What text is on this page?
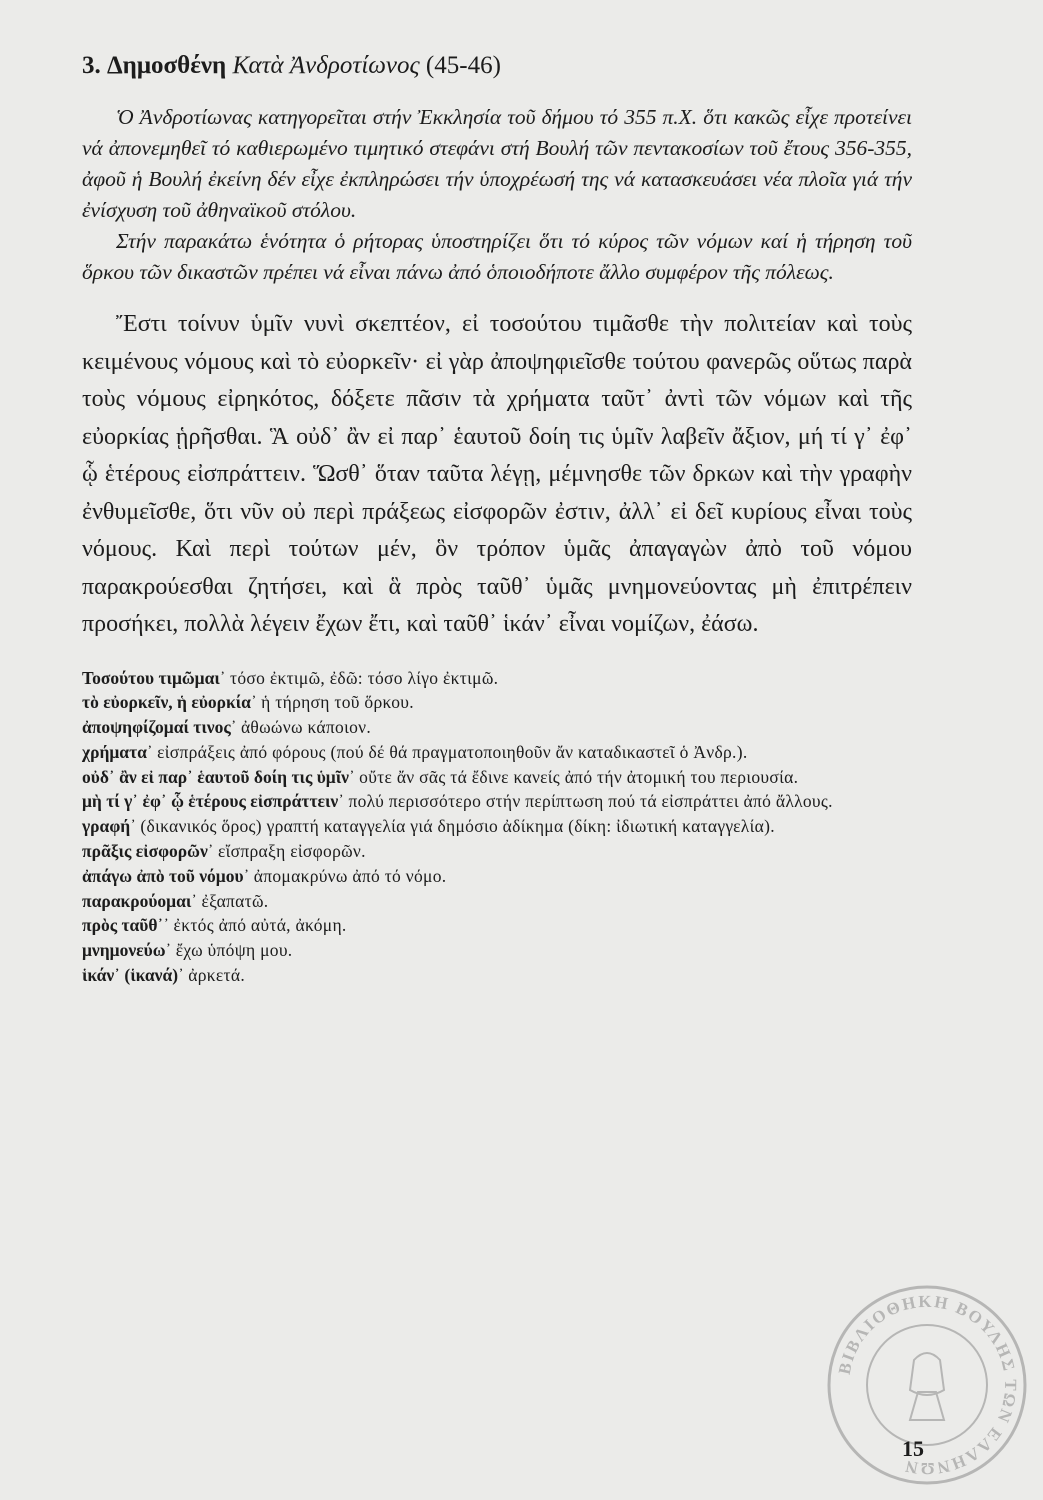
3. Δημοσθένη Κατὰ Ἀνδροτίωνος (45-46)

Ὁ Ἀνδροτίωνας κατηγορεῖται στήν Ἐκκλησία τοῦ δήμου τό 355 π.Χ. ὅτι κακῶς εἶχε προτείνει νά ἀπονεμηθεῖ τό καθιερωμένο τιμητικό στεφάνι στή Βουλή τῶν πεντακοσίων τοῦ ἔτους 356-355, ἀφοῦ ἡ Βουλή ἐκείνη δέν εἶχε ἐκπληρώσει τήν ὑποχρέωσή της νά κατασκευάσει νέα πλοῖα γιά τήν ἐνίσχυση τοῦ ἀθηναϊκοῦ στόλου.

Στήν παρακάτω ἑνότητα ὁ ρήτορας ὑποστηρίζει ὅτι τό κύρος τῶν νόμων καί ἡ τήρηση τοῦ ὅρκου τῶν δικαστῶν πρέπει νά εἶναι πάνω ἀπό ὁποιοδήποτε ἄλλο συμφέρον τῆς πόλεως.

Ἔστι τοίνυν ὑμῖν νυνὶ σκεπτέον, εἰ τοσούτου τιμᾶσθε τὴν πολιτείαν καὶ τοὺς κειμένους νόμους καὶ τὸ εὐορκεῖν· εἰ γὰρ ἀποψηφιεῖσθε τούτου φανερῶς οὕτως παρὰ τοὺς νόμους εἰρηκότος, δόξετε πᾶσιν τὰ χρήματα ταῦτ᾿ ἀντὶ τῶν νόμων καὶ τῆς εὐορκίας ᾑρῆσθαι. Ἃ οὐδ᾿ ἂν εἰ παρ᾿ ἑαυτοῦ δοίη τις ὑμῖν λαβεῖν ἄξιον, μή τί γ᾿ ἐφ᾿ ᾧ ἑτέρους εἰσπράττειν. Ὥσθ᾿ ὅταν ταῦτα λέγῃ, μέμνησθε τῶν δρκων καὶ τὴν γραφὴν ἐνθυμεῖσθε, ὅτι νῦν οὐ περὶ πράξεως εἰσφορῶν ἐστιν, ἀλλ᾿ εἰ δεῖ κυρίους εἶναι τοὺς νόμους. Καὶ περὶ τούτων μέν, ὃν τρόπον ὑμᾶς ἀπαγαγὼν ἀπὸ τοῦ νόμου παρακρούεσθαι ζητήσει, καὶ ἃ πρὸς ταῦθ᾿ ὑμᾶς μνημονεύοντας μὴ ἐπιτρέπειν προσήκει, πολλὰ λέγειν ἔχων ἔτι, καὶ ταῦθ᾿ ἱκάν᾿ εἶναι νομίζων, ἐάσω.

Τοσούτου τιμῶμαι᾿ τόσο ἐκτιμῶ, ἐδῶ: τόσο λίγο ἐκτιμῶ.
τὸ εὐορκεῖν, ἡ εὐορκία᾿ ἡ τήρηση τοῦ ὅρκου.
ἀποψηφίζομαί τινος᾿ ἀθωώνω κάποιον.
χρήματα᾿ εἰσπράξεις ἀπό φόρους (πού δέ θά πραγματοποιηθοῦν ἄν καταδικαστεῖ ὁ Ἀνδρ.).
οὐδ᾿ ἂν εἰ παρ᾿ ἑαυτοῦ δοίη τις ὑμῖν᾿ οὔτε ἄν σᾶς τά ἔδινε κανείς ἀπό τήν ἀτομική του περιουσία.
μὴ τί γ᾿ ἐφ᾿ ᾧ ἑτέρους εἰσπράττειν᾿ πολύ περισσότερο στήν περίπτωση πού τά εἰσπράττει ἀπό ἄλλους.
γραφή᾿ (δικανικός ὅρος) γραπτή καταγγελία γιά δημόσιο ἀδίκημα (δίκη: ἰδιωτική καταγγελία).
πρᾶξις εἰσφορῶν᾿ εἴσπραξη εἰσφορῶν.
ἀπάγω ἀπὸ τοῦ νόμου᾿ ἀπομακρύνω ἀπό τό νόμο.
παρακρούομαι᾿ ἐξαπατῶ.
πρὸς ταῦθ᾿᾿ ἐκτός ἀπό αὐτά, ἀκόμη.
μνημονεύω᾿ ἔχω ὑπόψη μου.
ἱκάν᾿ (ἱκανά)᾿ ἀρκετά.
ΒΙΒΛΙΟΘΗΚΗ ΒΟΥΛΗΣ ΤΩΝ ΕΛΛΗΝΩΝ
15
